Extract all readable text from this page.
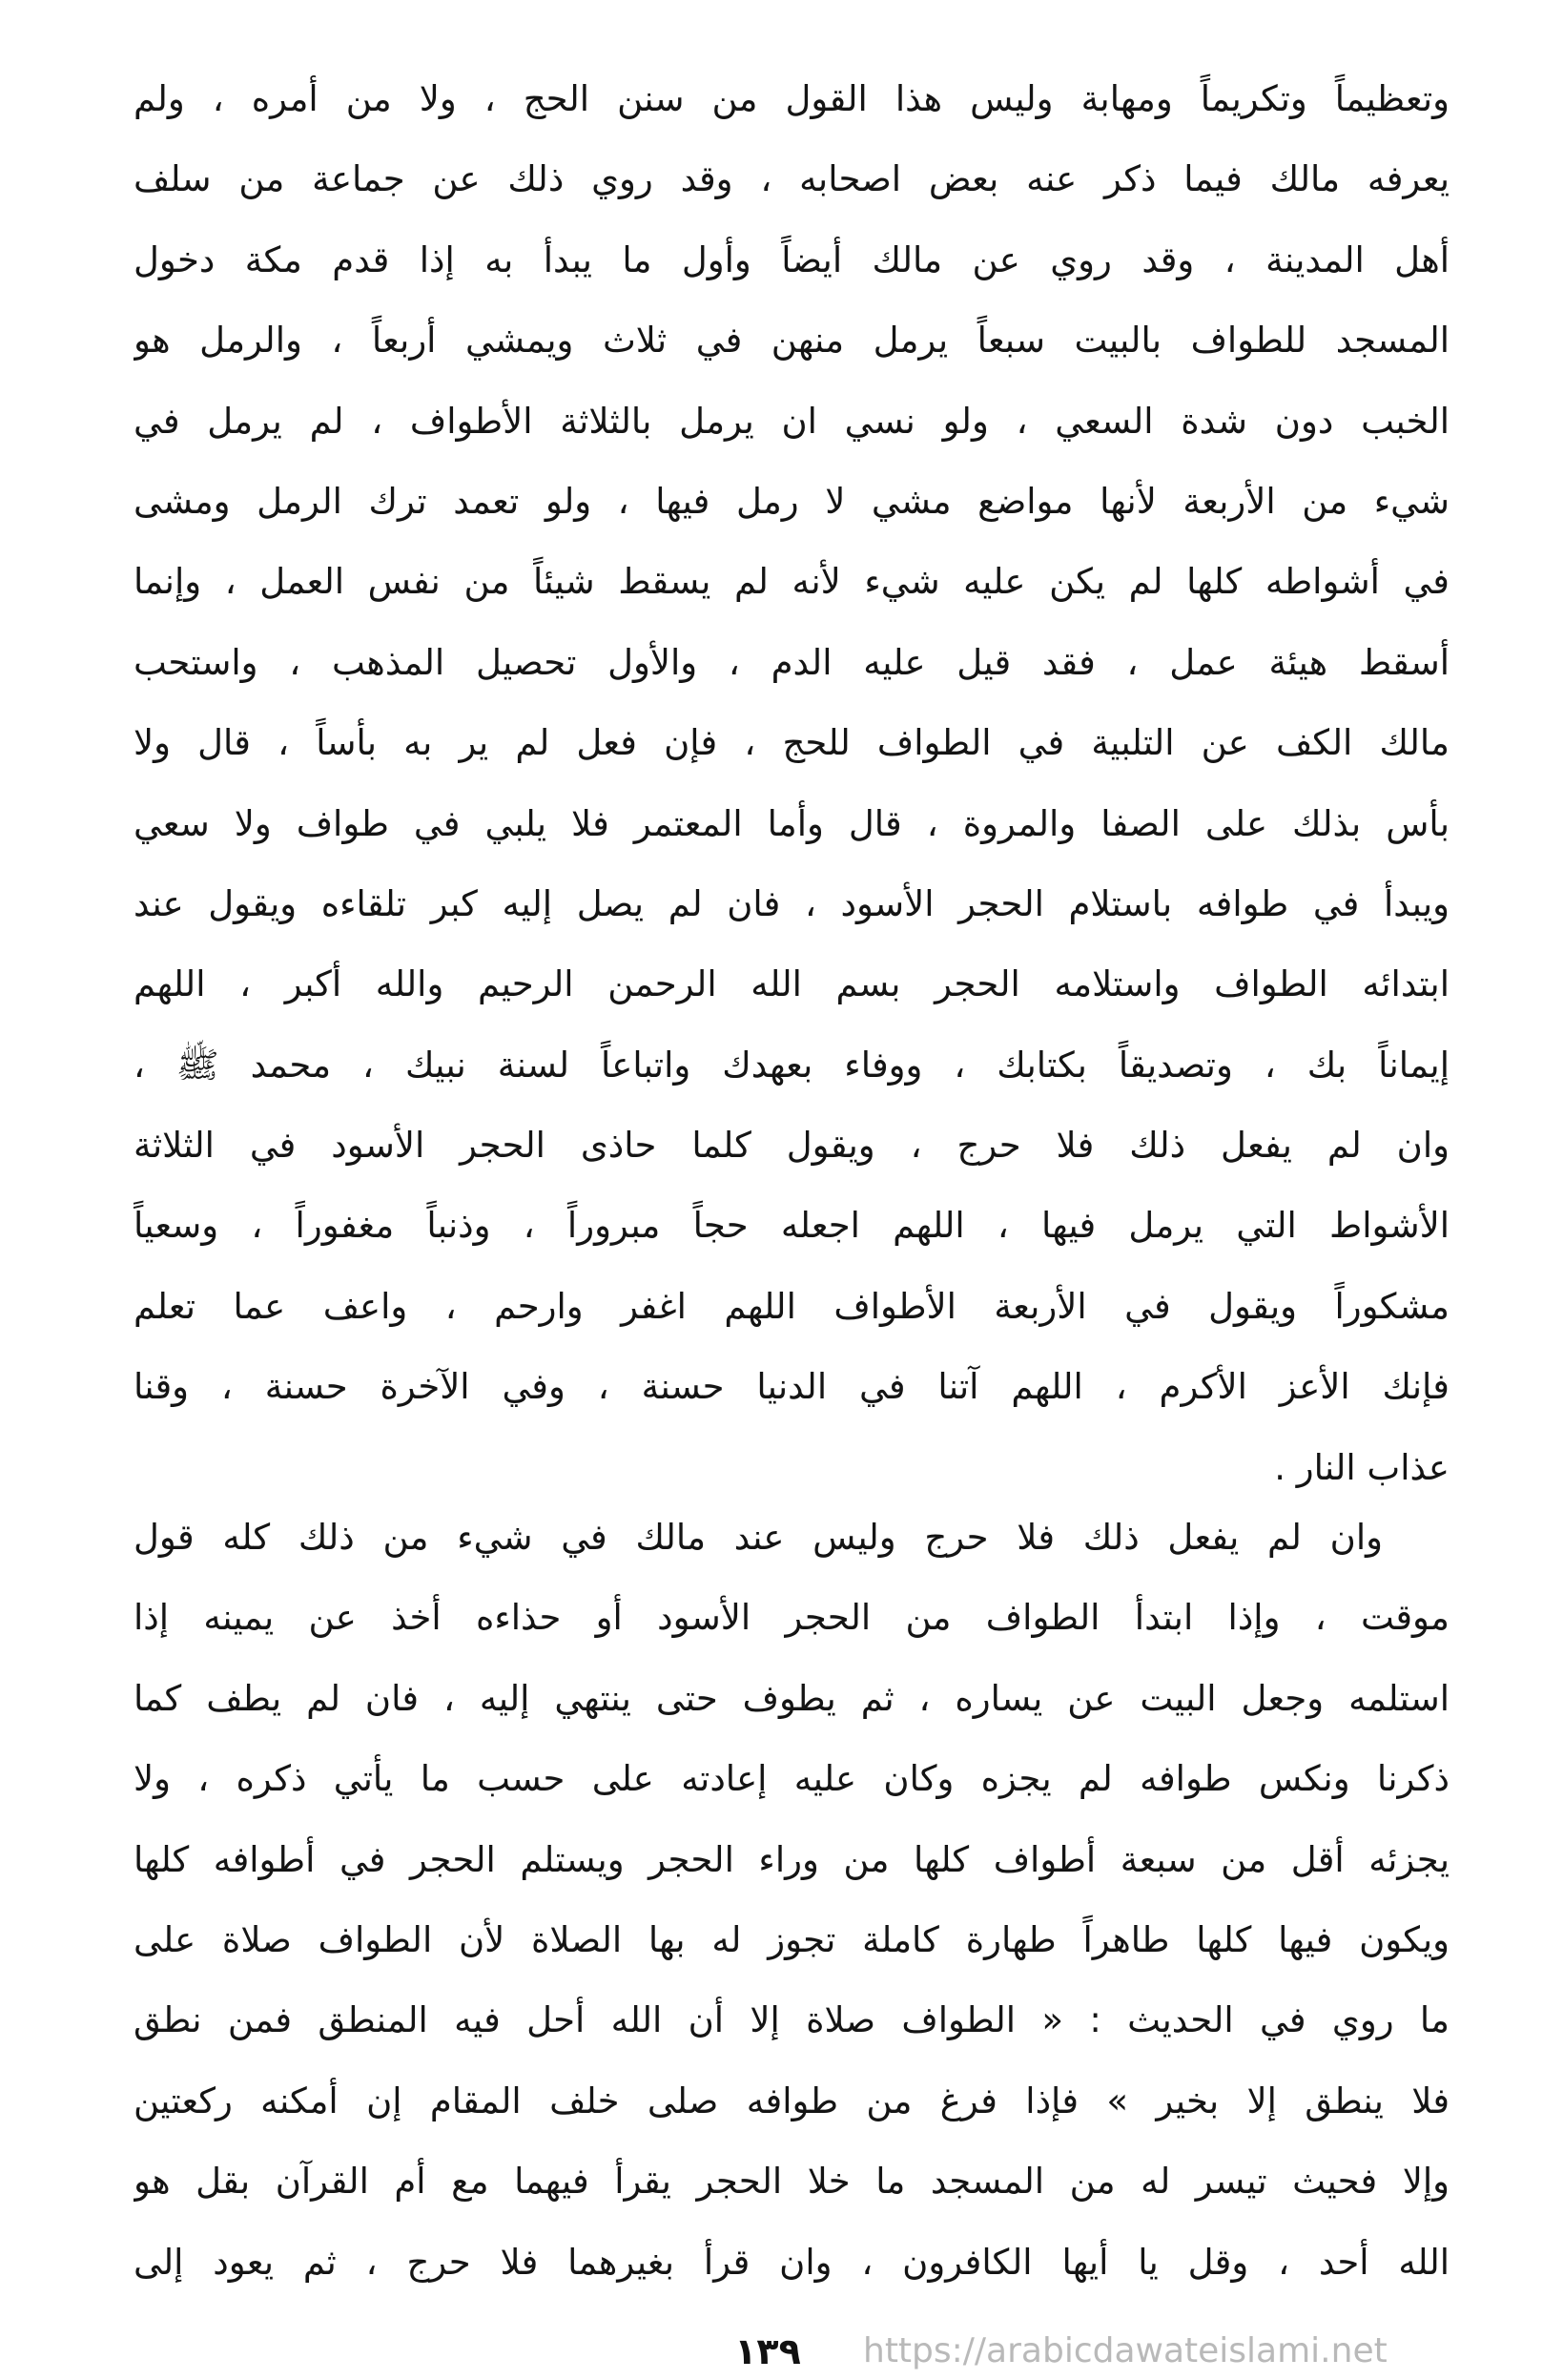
وتعظيماً وتكريماً ومهابة وليس هذا القول من سنن الحج ، ولا من أمره ، ولم
يعرفه مالك فيما ذكر عنه بعض اصحابه ، وقد روي ذلك عن جماعة من سلف
أهل المدينة ، وقد روي عن مالك أيضاً وأول ما يبدأ به إذا قدم مكة دخول
المسجد للطواف بالبيت سبعاً يرمل منهن في ثلاث ويمشي أربعاً ، والرمل هو
الخبب دون شدة السعي ، ولو نسي ان يرمل بالثلاثة الأطواف ، لم يرمل في
شيء من الأربعة لأنها مواضع مشي لا رمل فيها ، ولو تعمد ترك الرمل ومشى
في أشواطه كلها لم يكن عليه شيء لأنه لم يسقط شيئاً من نفس العمل ، وإنما
أسقط هيئة عمل ، فقد قيل عليه الدم ، والأول تحصيل المذهب ، واستحب
مالك الكف عن التلبية في الطواف للحج ، فإن فعل لم ير به بأساً ، قال ولا
بأس بذلك على الصفا والمروة ، قال وأما المعتمر فلا يلبي في طواف ولا سعي
ويبدأ في طوافه باستلام الحجر الأسود ، فان لم يصل إليه كبر تلقاءه ويقول عند
ابتدائه الطواف واستلامه الحجر بسم الله الرحمن الرحيم والله أكبر ، اللهم
إيماناً بك ، وتصديقاً بكتابك ، ووفاء بعهدك واتباعاً لسنة نبيك ، محمد ﷺ ،
وان لم يفعل ذلك فلا حرج ، ويقول كلما حاذى الحجر الأسود في الثلاثة
الأشواط التي يرمل فيها ، اللهم اجعله حجاً مبروراً ، وذنباً مغفوراً ، وسعياً
مشكوراً ويقول في الأربعة الأطواف اللهم اغفر وارحم ، واعف عما تعلم
فإنك الأعز الأكرم ، اللهم آتنا في الدنيا حسنة ، وفي الآخرة حسنة ، وقنا
عذاب النار .
وان لم يفعل ذلك فلا حرج وليس عند مالك في شيء من ذلك كله قول
موقت ، وإذا ابتدأ الطواف من الحجر الأسود أو حذاءه أخذ عن يمينه إذا
استلمه وجعل البيت عن يساره ، ثم يطوف حتى ينتهي إليه ، فان لم يطف كما
ذكرنا ونكس طوافه لم يجزه وكان عليه إعادته على حسب ما يأتي ذكره ، ولا
يجزئه أقل من سبعة أطواف كلها من وراء الحجر ويستلم الحجر في أطوافه كلها
ويكون فيها كلها طاهراً طهارة كاملة تجوز له بها الصلاة لأن الطواف صلاة على
ما روي في الحديث : « الطواف صلاة إلا أن الله أحل فيه المنطق فمن نطق
فلا ينطق إلا بخير » فإذا فرغ من طوافه صلى خلف المقام إن أمكنه ركعتين
وإلا فحيث تيسر له من المسجد ما خلا الحجر يقرأ فيهما مع أم القرآن بقل هو
الله أحد ، وقل يا أيها الكافرون ، وان قرأ بغيرهما فلا حرج ، ثم يعود إلى
١٣٩	https://arabicdawateislami.net
